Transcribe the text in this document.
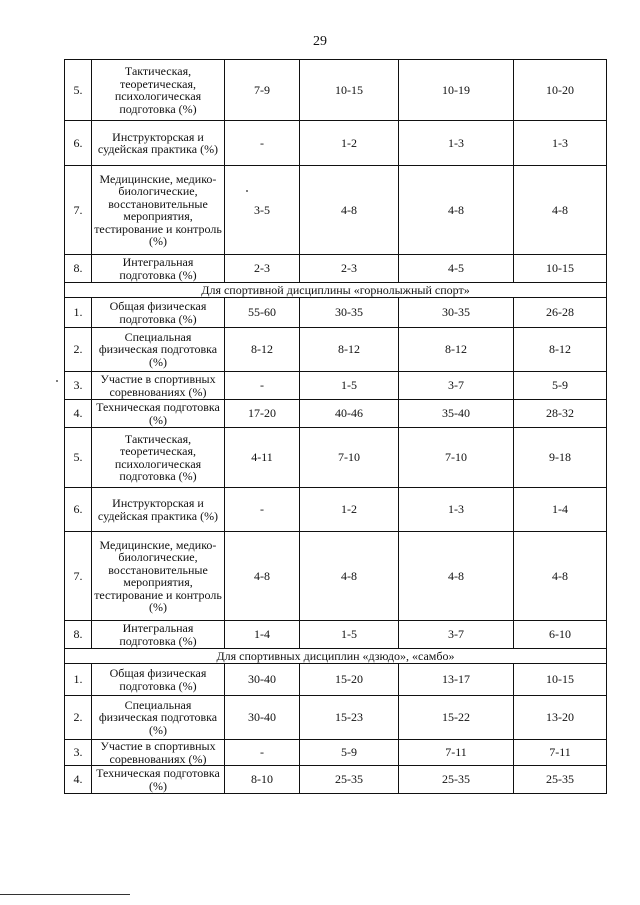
29
5.	Тактическая, теоретическая, психологическая подготовка (%)	7-9	10-15	10-19	10-20
6.	Инструкторская и судейская практика (%)	-	1-2	1-3	1-3
7.	Медицинские, медико-биологические, восстановительные мероприятия, тестирование и контроль (%)	3-5	4-8	4-8	4-8
8.	Интегральная подготовка (%)	2-3	2-3	4-5	10-15
Для спортивной дисциплины «горнолыжный спорт»					
1.	Общая физическая подготовка (%)	55-60	30-35	30-35	26-28
2.	Специальная физическая подготовка (%)	8-12	8-12	8-12	8-12
3.	Участие в спортивных соревнованиях (%)	-	1-5	3-7	5-9
4.	Техническая подготовка (%)	17-20	40-46	35-40	28-32
5.	Тактическая, теоретическая, психологическая подготовка (%)	4-11	7-10	7-10	9-18
6.	Инструкторская и судейская практика (%)	-	1-2	1-3	1-4
7.	Медицинские, медико-биологические, восстановительные мероприятия, тестирование и контроль (%)	4-8	4-8	4-8	4-8
8.	Интегральная подготовка (%)	1-4	1-5	3-7	6-10
Для спортивных дисциплин «дзюдо», «самбо»					
1.	Общая физическая подготовка (%)	30-40	15-20	13-17	10-15
2.	Специальная физическая подготовка (%)	30-40	15-23	15-22	13-20
3.	Участие в спортивных соревнованиях (%)	-	5-9	7-11	7-11
4.	Техническая подготовка (%)	8-10	25-35	25-35	25-35
